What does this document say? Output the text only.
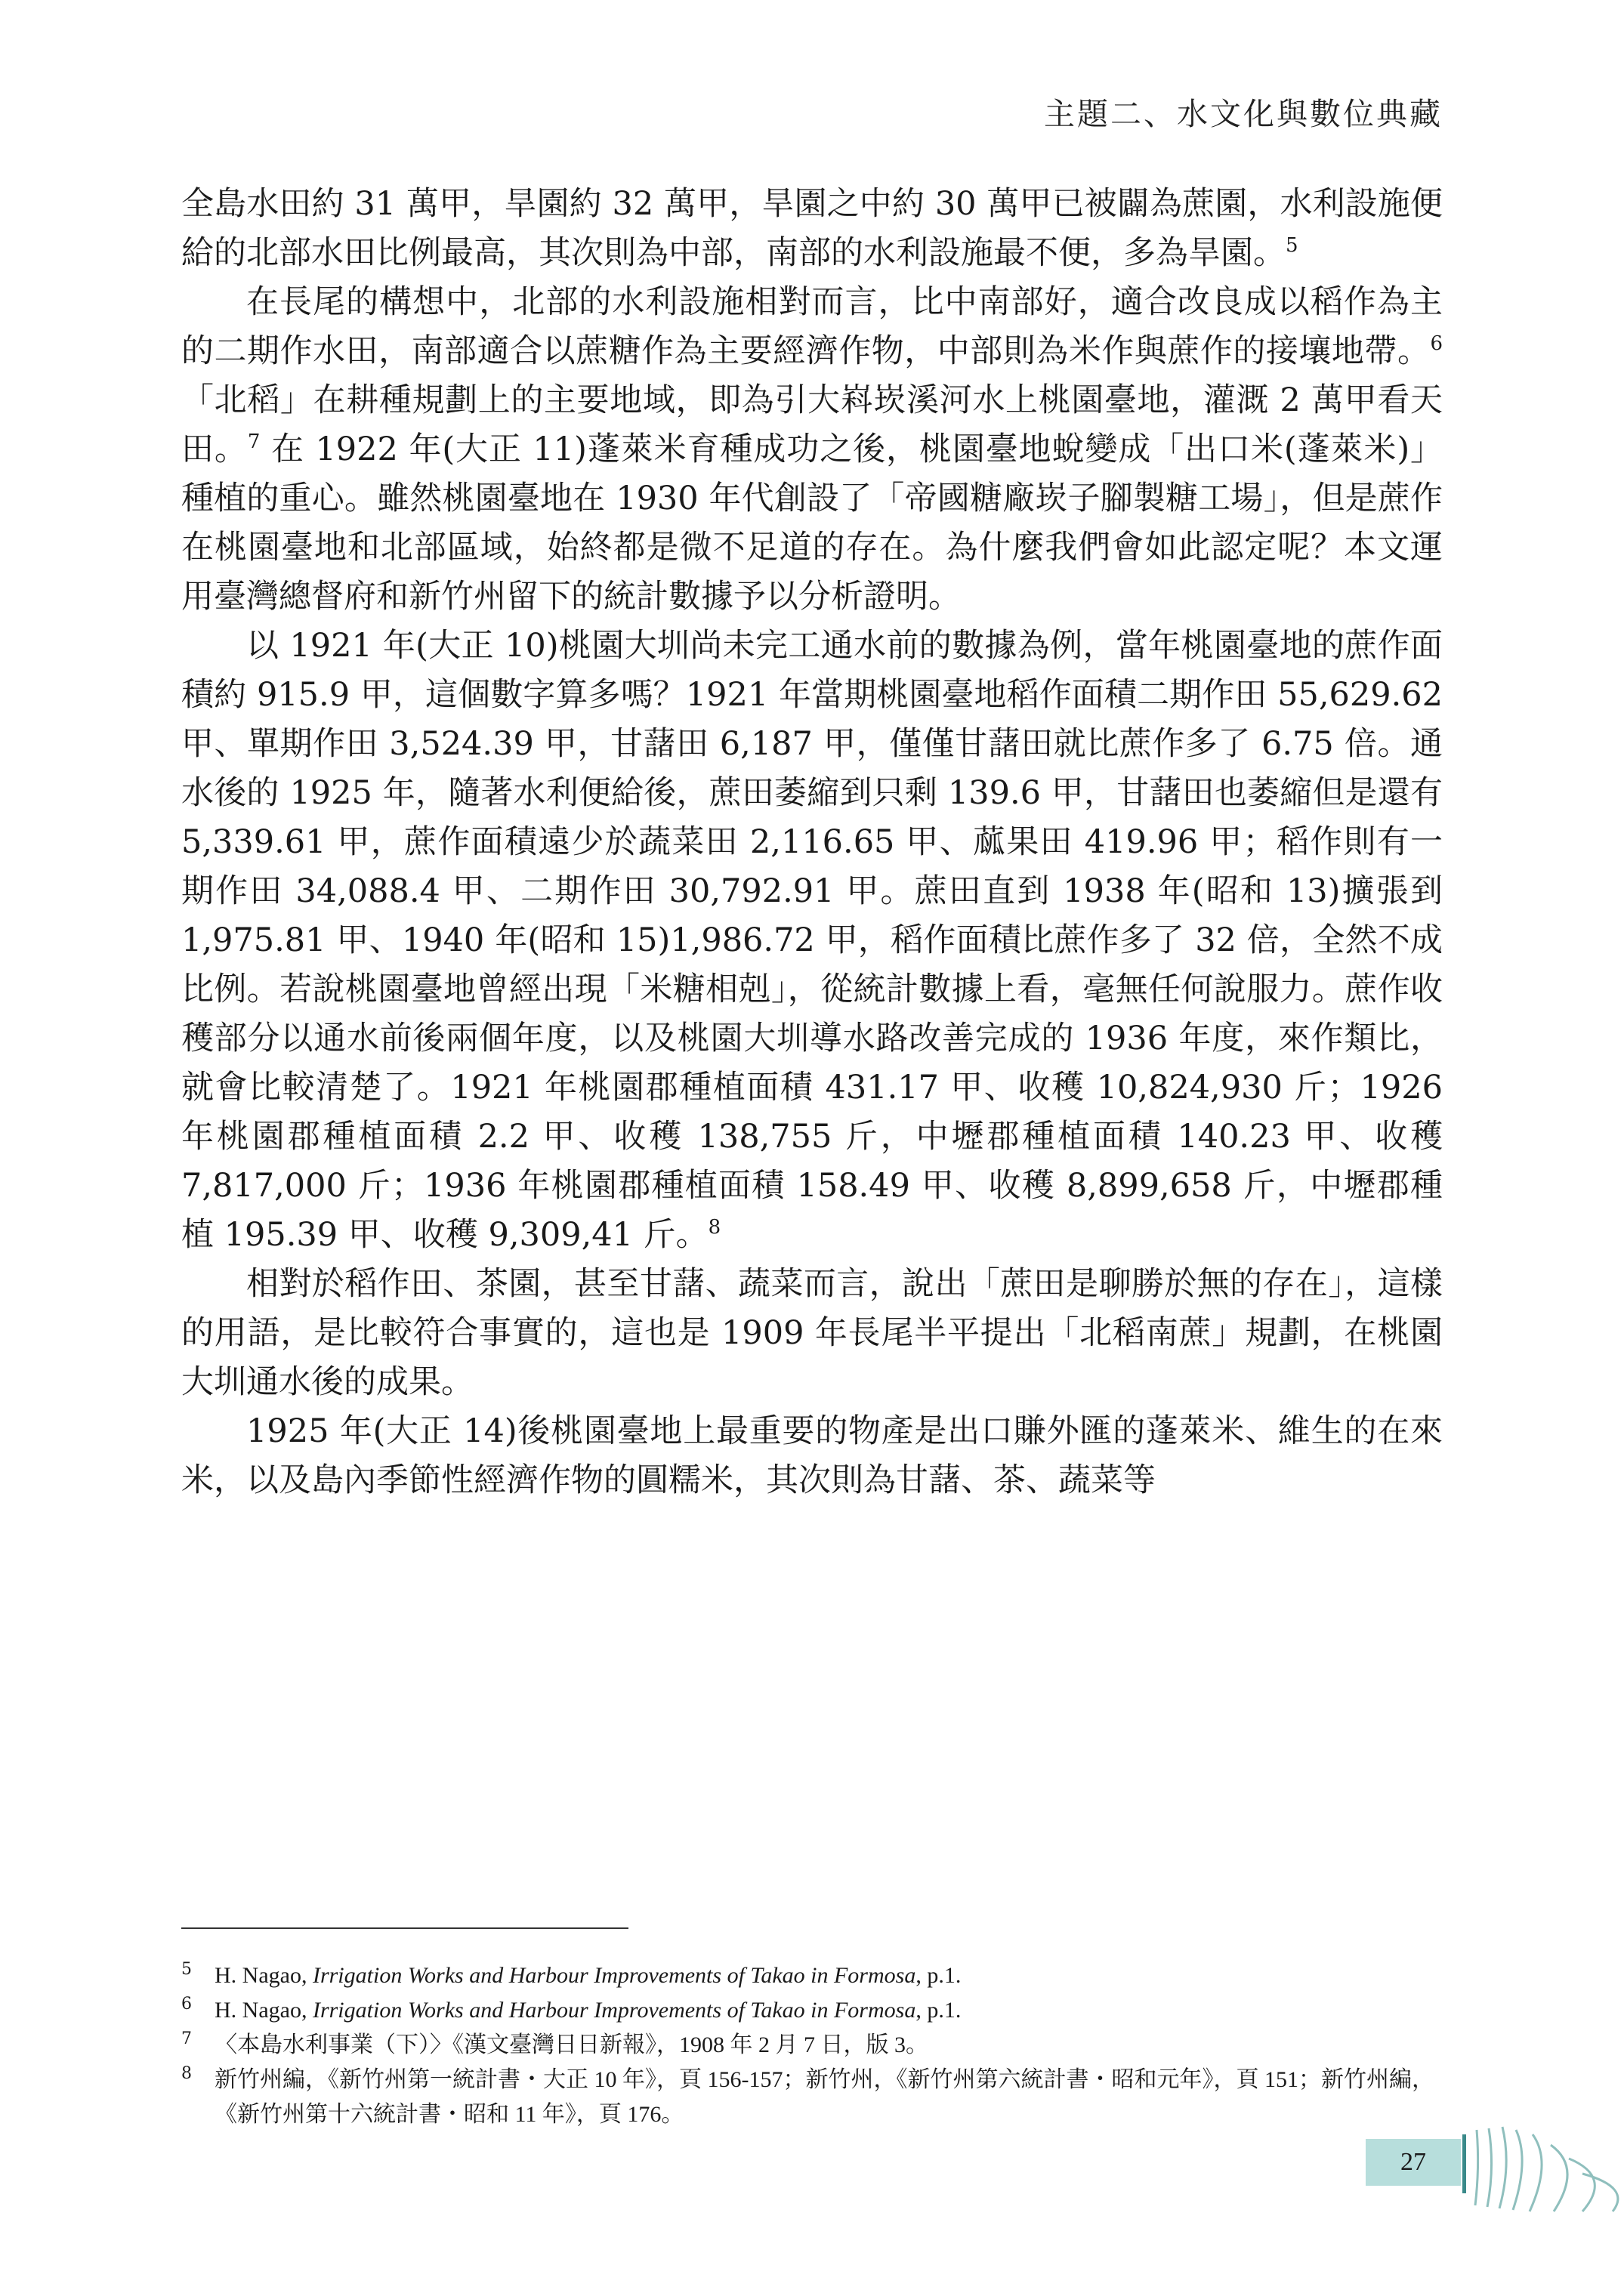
主題二、水文化與數位典藏

全島水田約 31 萬甲，旱園約 32 萬甲，旱園之中約 30 萬甲已被闢為蔗園，水利設施便給的北部水田比例最高，其次則為中部，南部的水利設施最不便，多為旱園。$^5$

在長尾的構想中，北部的水利設施相對而言，比中南部好，適合改良成以稻作為主的二期作水田，南部適合以蔗糖作為主要經濟作物，中部則為米作與蔗作的接壤地帶。$^6$ 「北稻」在耕種規劃上的主要地域，即為引大嵙崁溪河水上桃園臺地，灌溉 2 萬甲看天田。$^7$ 在 1922 年(大正 11)蓬萊米育種成功之後，桃園臺地蛻變成「出口米(蓬萊米)」種植的重心。雖然桃園臺地在 1930 年代創設了「帝國糖廠崁子腳製糖工場」，但是蔗作在桃園臺地和北部區域，始終都是微不足道的存在。為什麼我們會如此認定呢？本文運用臺灣總督府和新竹州留下的統計數據予以分析證明。

以 1921 年(大正 10)桃園大圳尚未完工通水前的數據為例，當年桃園臺地的蔗作面積約 915.9 甲，這個數字算多嗎？1921 年當期桃園臺地稻作面積二期作田 55,629.62 甲、單期作田 3,524.39 甲，甘藷田 6,187 甲，僅僅甘藷田就比蔗作多了 6.75 倍。通水後的 1925 年，隨著水利便給後，蔗田萎縮到只剩 139.6 甲，甘藷田也萎縮但是還有 5,339.61 甲，蔗作面積遠少於蔬菜田 2,116.65 甲、蓏果田 419.96 甲；稻作則有一期作田 34,088.4 甲、二期作田 30,792.91 甲。蔗田直到 1938 年(昭和 13)擴張到 1,975.81 甲、1940 年(昭和 15)1,986.72 甲，稻作面積比蔗作多了 32 倍，全然不成比例。若說桃園臺地曾經出現「米糖相剋」，從統計數據上看，毫無任何說服力。蔗作收穫部分以通水前後兩個年度，以及桃園大圳導水路改善完成的 1936 年度，來作類比，就會比較清楚了。1921 年桃園郡種植面積 431.17 甲、收穫 10,824,930 斤；1926 年桃園郡種植面積 2.2 甲、收穫 138,755 斤，中壢郡種植面積 140.23 甲、收穫 7,817,000 斤；1936 年桃園郡種植面積 158.49 甲、收穫 8,899,658 斤，中壢郡種植 195.39 甲、收穫 9,309,41 斤。$^8$

相對於稻作田、茶園，甚至甘藷、蔬菜而言，說出「蔗田是聊勝於無的存在」，這樣的用語，是比較符合事實的，這也是 1909 年長尾半平提出「北稻南蔗」規劃，在桃園大圳通水後的成果。

1925 年(大正 14)後桃園臺地上最重要的物產是出口賺外匯的蓬萊米、維生的在來米，以及島內季節性經濟作物的圓糯米，其次則為甘藷、茶、蔬菜等

5	H. Nagao, Irrigation Works and Harbour Improvements of Takao in Formosa, p.1.
6	H. Nagao, Irrigation Works and Harbour Improvements of Takao in Formosa, p.1.
7	〈本島水利事業（下）〉《漢文臺灣日日新報》，1908 年 2 月 7 日，版 3。
8	新竹州編，《新竹州第一統計書・大正 10 年》，頁 156-157；新竹州，《新竹州第六統計書・昭和元年》，頁 151；新竹州編，《新竹州第十六統計書・昭和 11 年》，頁 176。
27
